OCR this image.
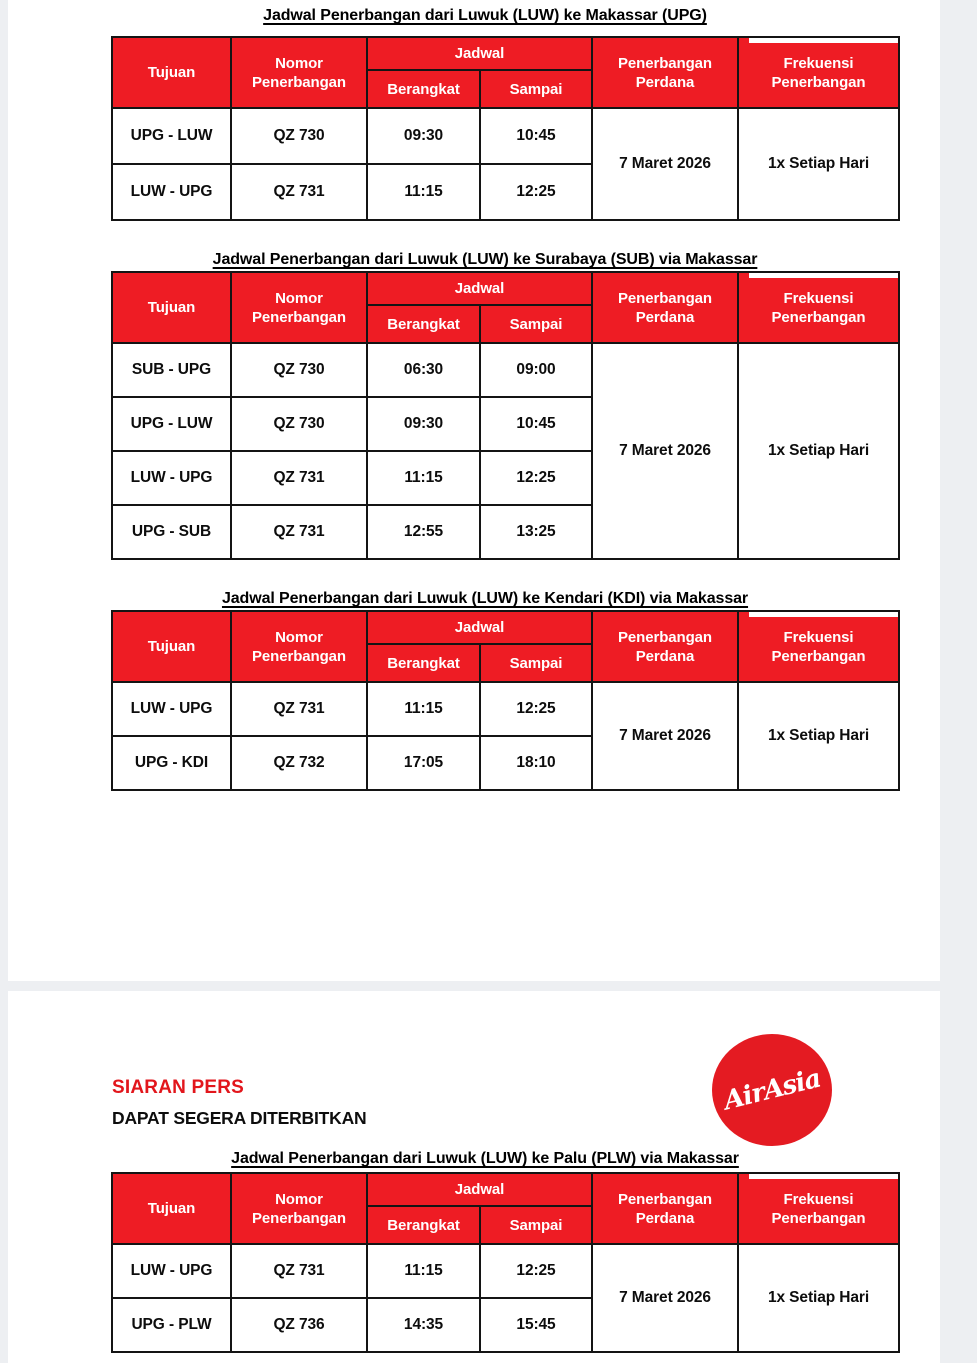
Jadwal Penerbangan dari Luwuk (LUW) ke Makassar (UPG)
Tujuan	Nomor Penerbangan	Jadwal		Penerbangan Perdana	Frekuensi Penerbangan
		Berangkat	Sampai		
UPG - LUW	QZ 730	09:30	10:45	7 Maret 2026	1x Setiap Hari
LUW - UPG	QZ 731	11:15	12:25		
Jadwal Penerbangan dari Luwuk (LUW) ke Surabaya (SUB) via Makassar
Tujuan	Nomor Penerbangan	Jadwal		Penerbangan Perdana	Frekuensi Penerbangan
		Berangkat	Sampai		
SUB - UPG	QZ 730	06:30	09:00	7 Maret 2026	1x Setiap Hari
UPG - LUW	QZ 730	09:30	10:45		
LUW - UPG	QZ 731	11:15	12:25		
UPG - SUB	QZ 731	12:55	13:25		
Jadwal Penerbangan dari Luwuk (LUW) ke Kendari (KDI) via Makassar
Tujuan	Nomor Penerbangan	Jadwal		Penerbangan Perdana	Frekuensi Penerbangan
		Berangkat	Sampai		
LUW - UPG	QZ 731	11:15	12:25	7 Maret 2026	1x Setiap Hari
UPG - KDI	QZ 732	17:05	18:10		
SIARAN PERS
DAPAT SEGERA DITERBITKAN
AirAsia
Jadwal Penerbangan dari Luwuk (LUW) ke Palu (PLW) via Makassar
Tujuan	Nomor Penerbangan	Jadwal		Penerbangan Perdana	Frekuensi Penerbangan
		Berangkat	Sampai		
LUW - UPG	QZ 731	11:15	12:25	7 Maret 2026	1x Setiap Hari
UPG - PLW	QZ 736	14:35	15:45		
